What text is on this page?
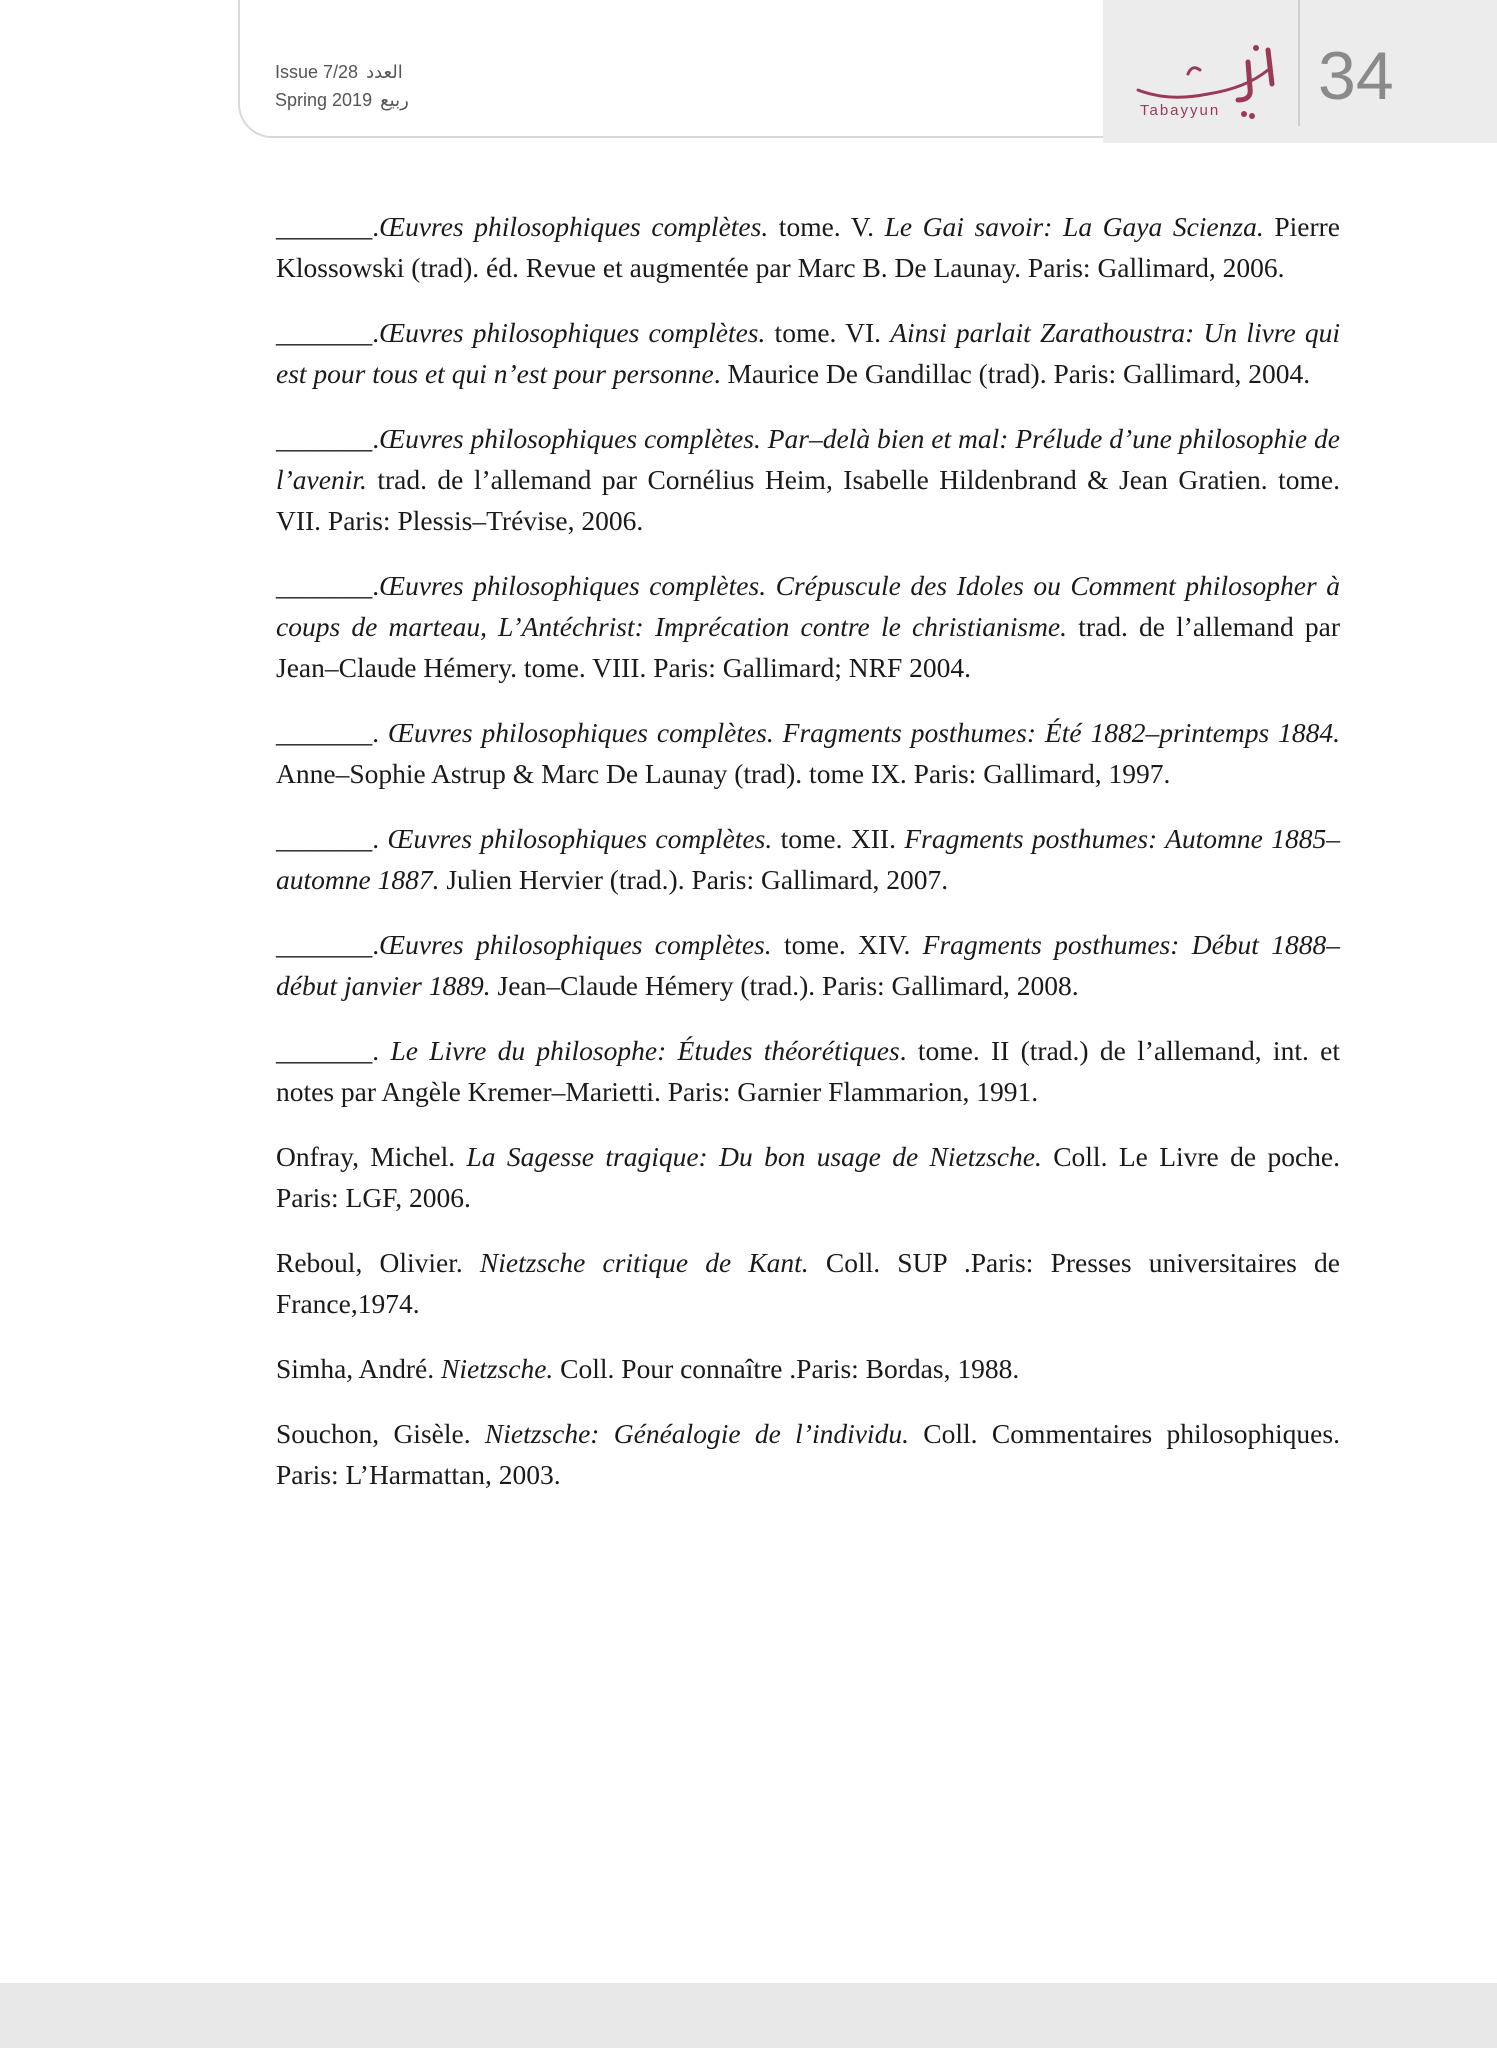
Issue 7/28 العدد
Spring 2019 ربيع
Tabayyun 34

_______.Œuvres philosophiques complètes. tome. V. Le Gai savoir: La Gaya Scienza. Pierre Klossowski (trad). éd. Revue et augmentée par Marc B. De Launay. Paris: Gallimard, 2006.

_______.Œuvres philosophiques complètes. tome. VI. Ainsi parlait Zarathoustra: Un livre qui est pour tous et qui n’est pour personne. Maurice De Gandillac (trad). Paris: Gallimard, 2004.

_______.Œuvres philosophiques complètes. Par–delà bien et mal: Prélude d’une philosophie de l’avenir. trad. de l’allemand par Cornélius Heim, Isabelle Hildenbrand & Jean Gratien. tome. VII. Paris: Plessis–Trévise, 2006.

_______.Œuvres philosophiques complètes. Crépuscule des Idoles ou Comment philosopher à coups de marteau, L’Antéchrist: Imprécation contre le christianisme. trad. de l’allemand par Jean–Claude Hémery. tome. VIII. Paris: Gallimard; NRF 2004.

_______. Œuvres philosophiques complètes. Fragments posthumes: Été 1882–printemps 1884. Anne–Sophie Astrup & Marc De Launay (trad). tome IX. Paris: Gallimard, 1997.

_______. Œuvres philosophiques complètes. tome. XII. Fragments posthumes: Automne 1885–automne 1887. Julien Hervier (trad.). Paris: Gallimard, 2007.

_______.Œuvres philosophiques complètes. tome. XIV. Fragments posthumes: Début 1888–début janvier 1889. Jean–Claude Hémery (trad.). Paris: Gallimard, 2008.

_______. Le Livre du philosophe: Études théorétiques. tome. II (trad.) de l’allemand, int. et notes par Angèle Kremer–Marietti. Paris: Garnier Flammarion, 1991.

Onfray, Michel. La Sagesse tragique: Du bon usage de Nietzsche. Coll. Le Livre de poche. Paris: LGF, 2006.

Reboul, Olivier. Nietzsche critique de Kant. Coll. SUP .Paris: Presses universitaires de France,1974.

Simha, André. Nietzsche. Coll. Pour connaître .Paris: Bordas, 1988.

Souchon, Gisèle. Nietzsche: Généalogie de l’individu. Coll. Commentaires philosophiques. Paris: L’Harmattan, 2003.
